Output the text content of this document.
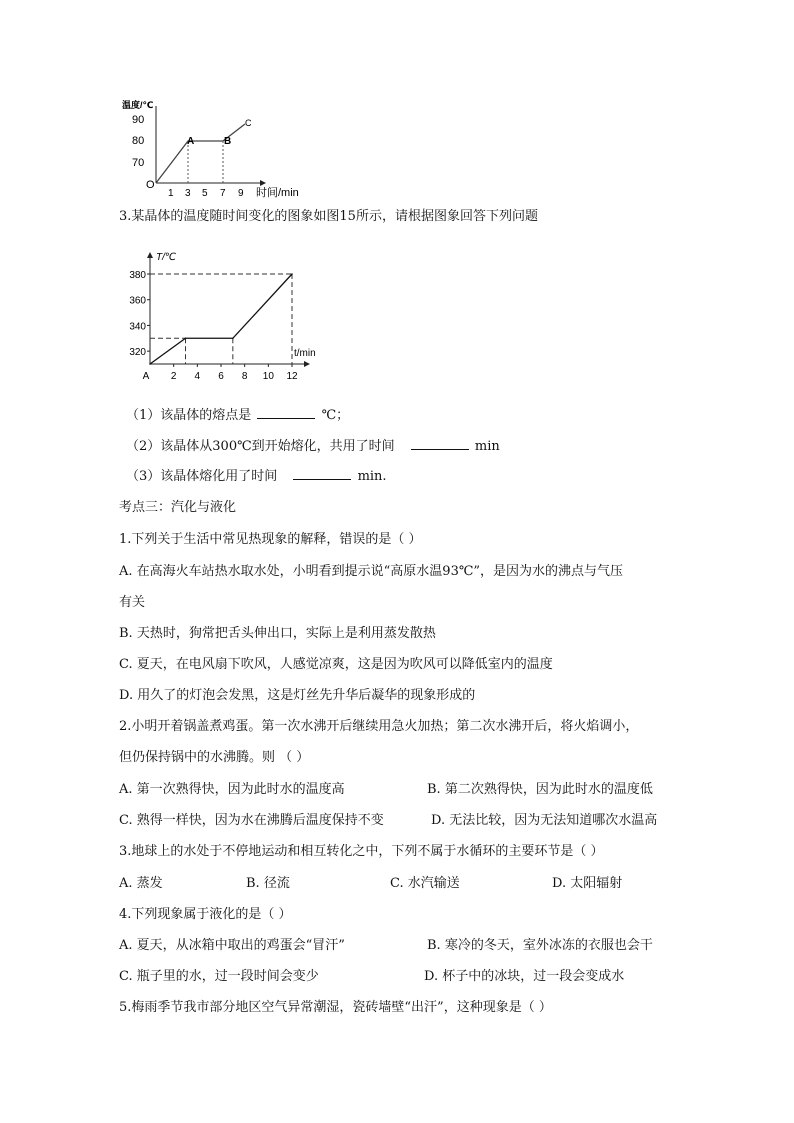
温度/℃
90
80
70
O
1 3 5 7 9 时间/min
A	B
C
3.某晶体的温度随时间变化的图象如图15所示，请根据图象回答下列问题
T/℃
t/min
320
340
360
380
2 4 6 8 10 12
A
（1）该晶体的熔点是	℃；
（2）该晶体从300℃到开始熔化，共用了时间	min
（3）该晶体熔化用了时间	min.
考点三：汽化与液化
1.下列关于生活中常见热现象的解释，错误的是（ ）
A. 在高海火车站热水取水处，小明看到提示说“高原水温93℃”，是因为水的沸点与气压
有关
B. 天热时，狗常把舌头伸出口，实际上是利用蒸发散热
C. 夏天，在电风扇下吹风，人感觉凉爽，这是因为吹风可以降低室内的温度
D. 用久了的灯泡会发黑，这是灯丝先升华后凝华的现象形成的
2.小明开着锅盖煮鸡蛋。第一次水沸开后继续用急火加热；第二次水沸开后，将火焰调小，
但仍保持锅中的水沸腾。则 （ ）
A. 第一次熟得快，因为此时水的温度高	B. 第二次熟得快，因为此时水的温度低
C. 熟得一样快，因为水在沸腾后温度保持不变	D. 无法比较，因为无法知道哪次水温高
3.地球上的水处于不停地运动和相互转化之中，下列不属于水循环的主要环节是（ ）
A. 蒸发	B. 径流	C. 水汽输送	D. 太阳辐射
4.下列现象属于液化的是（ ）
A. 夏天，从冰箱中取出的鸡蛋会“冒汗”	B. 寒冷的冬天，室外冰冻的衣服也会干
C. 瓶子里的水，过一段时间会变少	D. 杯子中的冰块，过一段会变成水
5.梅雨季节我市部分地区空气异常潮湿，瓷砖墙壁“出汗”，这种现象是（ ）
